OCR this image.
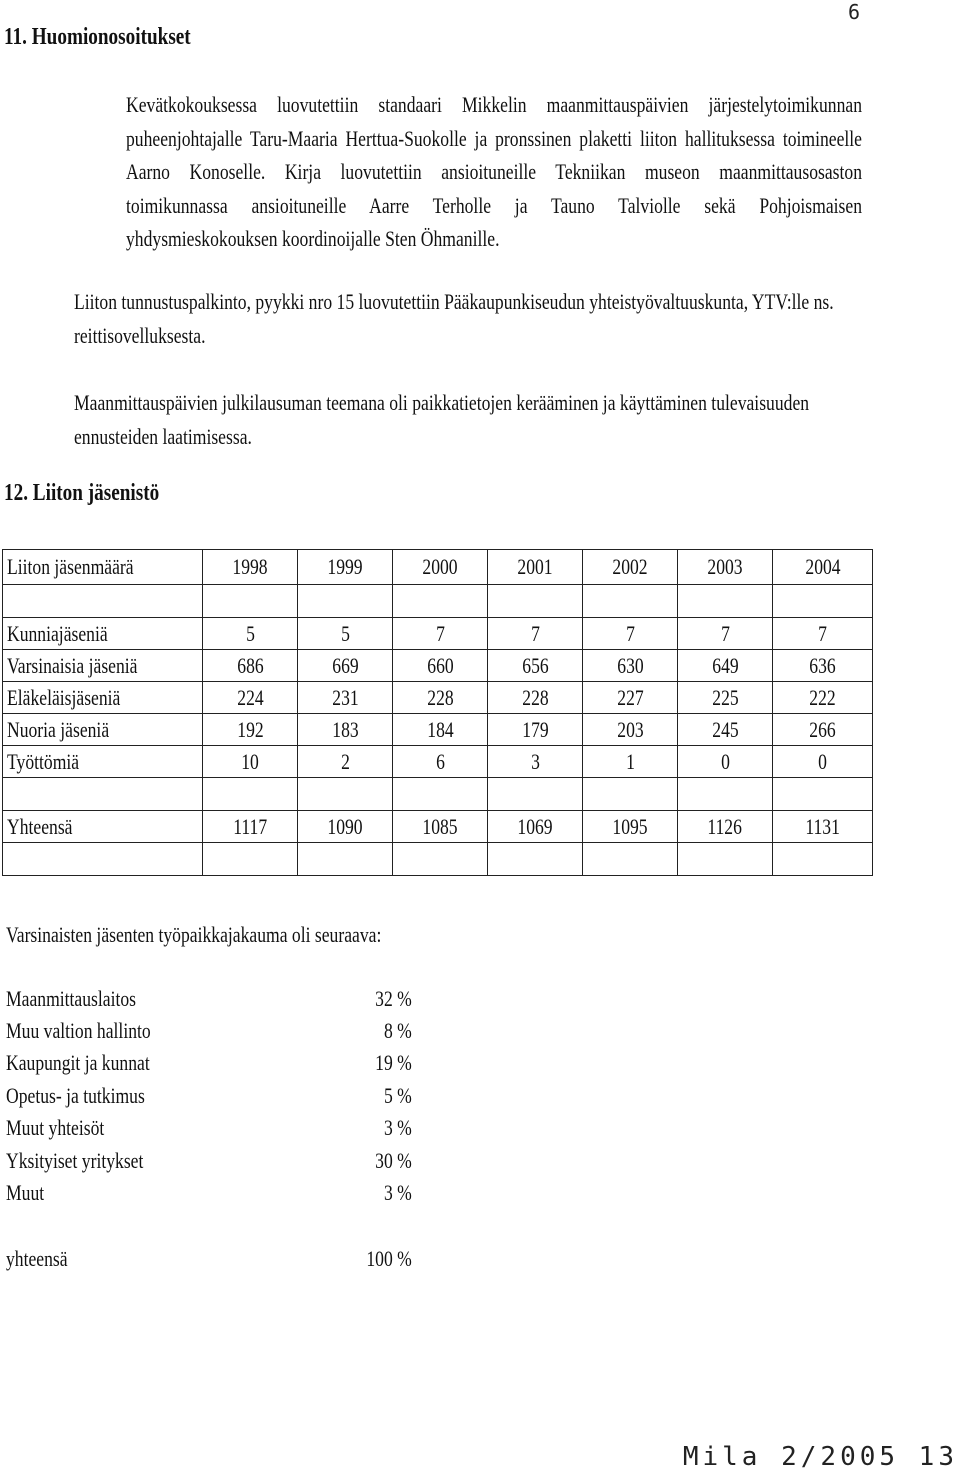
6
11. Huomionosoitukset
Kevätkokouksessa luovutettiin standaari Mikkelin maanmittauspäivien järjestelytoimikunnan puheenjohtajalle Taru-Maaria Herttua-Suokolle ja pronssinen plaketti liiton hallituksessa toimineelle Aarno Konoselle. Kirja luovutettiin ansioituneille Tekniikan museon maanmittausosaston toimikunnassa ansioituneille Aarre Terholle ja Tauno Talviolle sekä Pohjoismaisen yhdysmieskokouksen koordinoijalle Sten Öhmanille.
Liiton tunnustuspalkinto, pyykki nro 15 luovutettiin Pääkaupunkiseudun yhteistyövaltuuskunta, YTV:lle ns. reittisovelluksesta.
Maanmittauspäivien julkilausuman teemana oli paikkatietojen kerääminen ja käyttäminen tulevaisuuden ennusteiden laatimisessa.
12. Liiton jäsenistö
Liiton jäsenmäärä	1998	1999	2000	2001	2002	2003	2004

Kunniajäseniä	5	5	7	7	7	7	7
Varsinaisia jäseniä	686	669	660	656	630	649	636
Eläkeläisjäseniä	224	231	228	228	227	225	222
Nuoria jäseniä	192	183	184	179	203	245	266
Työttömiä	10	2	6	3	1	0	0

Yhteensä	1117	1090	1085	1069	1095	1126	1131

Varsinaisten jäsenten työpaikkajakauma oli seuraava:
Maanmittauslaitos	32 %
Muu valtion hallinto	8 %
Kaupungit ja kunnat	19 %
Opetus- ja tutkimus	5 %
Muut yhteisöt	3 %
Yksityiset yritykset	30 %
Muut	3 %
yhteensä	100 %
Mila 2/2005 13
